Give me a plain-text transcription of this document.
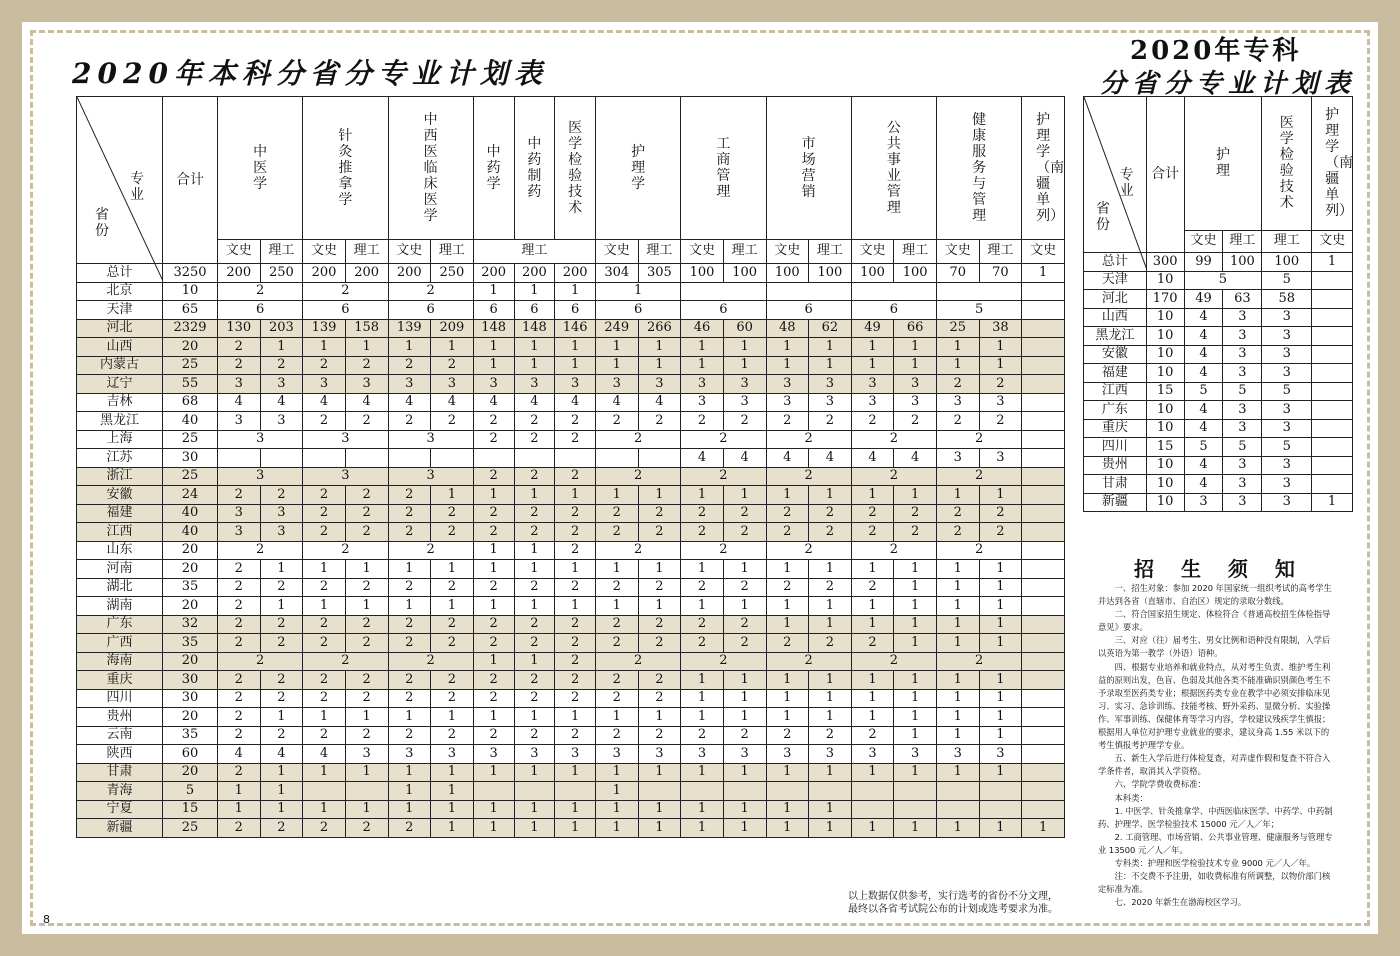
2020年本科分省分专业计划表
2020年专科
分省分专业计划表
专业
省份	合计	中医学		针灸推拿学		中西医临床医学		中药学	中药制药	医学检验技术	护理学		工商管理		市场营销		公共事业管理		健康服务与管理		护理学（南疆单列）
		文史	理工	文史	理工	文史	理工	理工			文史	理工	文史	理工	文史	理工	文史	理工	文史	理工	文史
总计	3250	200	250	200	200	200	250	200	200	200	304	305	100	100	100	100	100	100	70	70	1
北京	10	2		2		2		1	1	1	1										
天津	65	6		6		6		6	6	6	6		6		6		6		5		
河北	2329	130	203	139	158	139	209	148	148	146	249	266	46	60	48	62	49	66	25	38	
山西	20	2	1	1	1	1	1	1	1	1	1	1	1	1	1	1	1	1	1	1	
内蒙古	25	2	2	2	2	2	2	1	1	1	1	1	1	1	1	1	1	1	1	1	
辽宁	55	3	3	3	3	3	3	3	3	3	3	3	3	3	3	3	3	3	2	2	
吉林	68	4	4	4	4	4	4	4	4	4	4	4	3	3	3	3	3	3	3	3	
黑龙江	40	3	3	2	2	2	2	2	2	2	2	2	2	2	2	2	2	2	2	2	
上海	25	3		3		3		2	2	2	2		2		2		2		2		
江苏	30												4	4	4	4	4	4	3	3	
浙江	25	3		3		3		2	2	2	2		2		2		2		2		
安徽	24	2	2	2	2	2	1	1	1	1	1	1	1	1	1	1	1	1	1	1	
福建	40	3	3	2	2	2	2	2	2	2	2	2	2	2	2	2	2	2	2	2	
江西	40	3	3	2	2	2	2	2	2	2	2	2	2	2	2	2	2	2	2	2	
山东	20	2		2		2		1	1	2	2		2		2		2		2		
河南	20	2	1	1	1	1	1	1	1	1	1	1	1	1	1	1	1	1	1	1	
湖北	35	2	2	2	2	2	2	2	2	2	2	2	2	2	2	2	2	1	1	1	
湖南	20	2	1	1	1	1	1	1	1	1	1	1	1	1	1	1	1	1	1	1	
广东	32	2	2	2	2	2	2	2	2	2	2	2	2	2	1	1	1	1	1	1	
广西	35	2	2	2	2	2	2	2	2	2	2	2	2	2	2	2	2	1	1	1	
海南	20	2		2		2		1	1	2	2		2		2		2		2		
重庆	30	2	2	2	2	2	2	2	2	2	2	2	1	1	1	1	1	1	1	1	
四川	30	2	2	2	2	2	2	2	2	2	2	2	1	1	1	1	1	1	1	1	
贵州	20	2	1	1	1	1	1	1	1	1	1	1	1	1	1	1	1	1	1	1	
云南	35	2	2	2	2	2	2	2	2	2	2	2	2	2	2	2	2	1	1	1	
陕西	60	4	4	4	3	3	3	3	3	3	3	3	3	3	3	3	3	3	3	3	
甘肃	20	2	1	1	1	1	1	1	1	1	1	1	1	1	1	1	1	1	1	1	
青海	5	1	1			1	1				1										
宁夏	15	1	1	1	1	1	1	1	1	1	1	1	1	1	1	1					
新疆	25	2	2	2	2	2	1	1	1	1	1	1	1	1	1	1	1	1	1	1	1
专业
省份	合计	护理		医学检验技术	护理学（南疆单列）
		文史	理工	理工	文史
总计	300	99	100	100	1
天津	10	5		5	
河北	170	49	63	58	
山西	10	4	3	3	
黑龙江	10	4	3	3	
安徽	10	4	3	3	
福建	10	4	3	3	
江西	15	5	5	5	
广东	10	4	3	3	
重庆	10	4	3	3	
四川	15	5	5	5	
贵州	10	4	3	3	
甘肃	10	4	3	3	
新疆	10	3	3	3	1
招 生 须 知

一、招生对象：参加 2020 年国家统一组织考试的高考学生并达到各省（直辖市、自治区）规定的录取分数线。

二、符合国家招生规定、体检符合《普通高校招生体检指导意见》要求。

三、对应（往）届考生、男女比例和语种没有限制，入学后以英语为第一教学（外语）语种。

四、根据专业培养和就业特点，从对考生负责、维护考生利益的原则出发，色盲、色弱及其他各类不能准确识别颜色考生不予录取至医药类专业；根据医药类专业在教学中必须安排临床见习、实习、急诊训练、技能考核、野外采药、显微分析、实验操作、军事训练、保健体育等学习内容，学校建议残疾学生慎报；根据用人单位对护理专业就业的要求，建议身高 1.55 米以下的考生慎报考护理学专业。

五、新生入学后进行体检复查，对弄虚作假和复查不符合入学条件者，取消其入学资格。

六、学院学费收费标准：

本科类：

1. 中医学、针灸推拿学、中西医临床医学、中药学、中药制药、护理学、医学检验技术 15000 元／人／年；

2. 工商管理、市场营销、公共事业管理、健康服务与管理专业 13500 元／人／年。

专科类：护理和医学检验技术专业 9000 元／人／年。

注：不交费不予注册，如收费标准有所调整，以物价部门核定标准为准。

七、2020 年新生在渤海校区学习。

以上数据仅供参考，实行选考的省份不分文理，
最终以各省考试院公布的计划或选考要求为准。
8
